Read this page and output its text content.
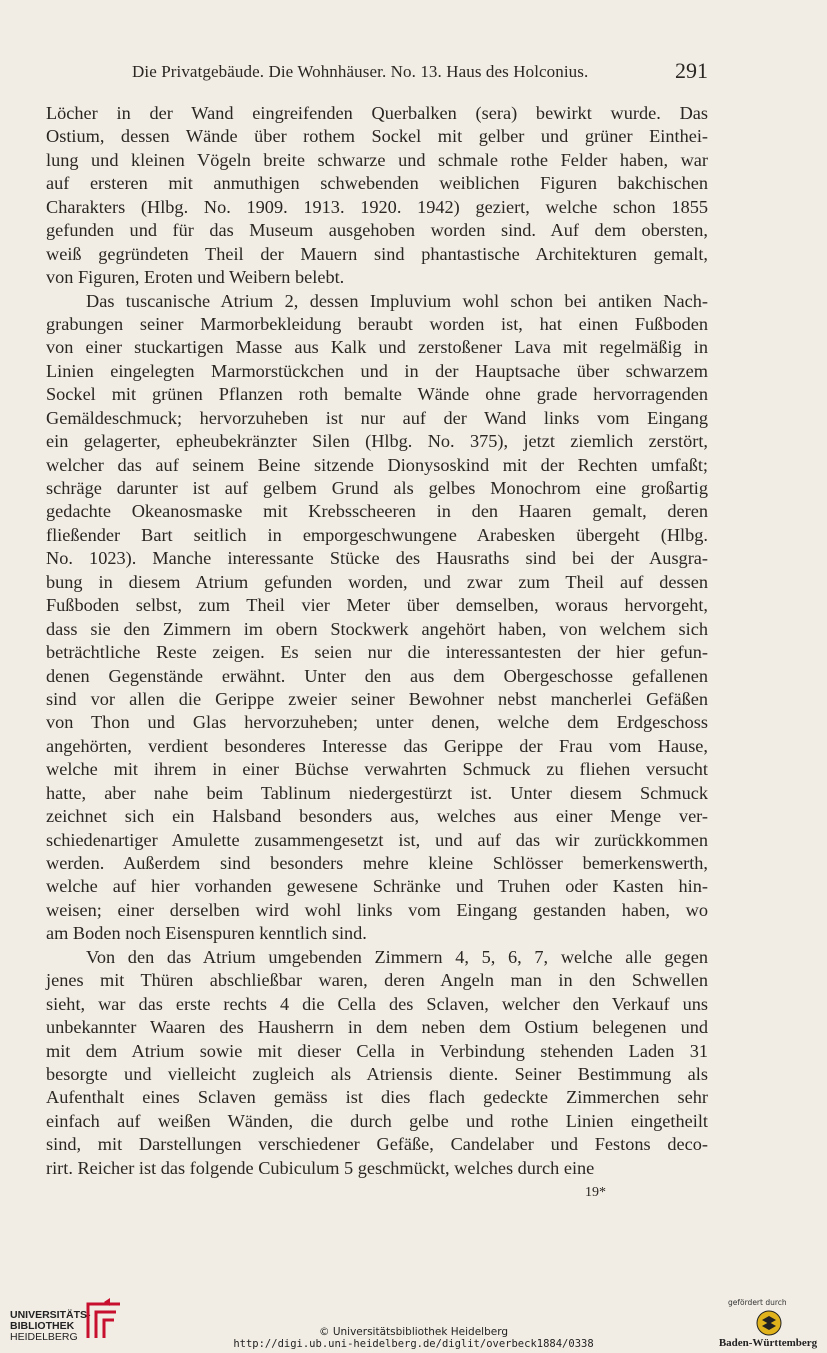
Die Privatgebäude. Die Wohnhäuser. No. 13. Haus des Holconius.	291
Löcher in der Wand eingreifenden Querbalken (sera) bewirkt wurde. Das
Ostium, dessen Wände über rothem Sockel mit gelber und grüner Einthei-
lung und kleinen Vögeln breite schwarze und schmale rothe Felder haben, war
auf ersteren mit anmuthigen schwebenden weiblichen Figuren bakchischen
Charakters (Hlbg. No. 1909. 1913. 1920. 1942) geziert, welche schon 1855
gefunden und für das Museum ausgehoben worden sind. Auf dem obersten,
weiß gegründeten Theil der Mauern sind phantastische Architekturen gemalt,
von Figuren, Eroten und Weibern belebt.
Das tuscanische Atrium 2, dessen Impluvium wohl schon bei antiken Nach-
grabungen seiner Marmorbekleidung beraubt worden ist, hat einen Fußboden
von einer stuckartigen Masse aus Kalk und zerstoßener Lava mit regelmäßig in
Linien eingelegten Marmorstückchen und in der Hauptsache über schwarzem
Sockel mit grünen Pflanzen roth bemalte Wände ohne grade hervorragenden
Gemäldeschmuck; hervorzuheben ist nur auf der Wand links vom Eingang
ein gelagerter, epheubekränzter Silen (Hlbg. No. 375), jetzt ziemlich zerstört,
welcher das auf seinem Beine sitzende Dionysoskind mit der Rechten umfaßt;
schräge darunter ist auf gelbem Grund als gelbes Monochrom eine großartig
gedachte Okeanosmaske mit Krebsscheeren in den Haaren gemalt, deren
fließender Bart seitlich in emporgeschwungene Arabesken übergeht (Hlbg.
No. 1023). Manche interessante Stücke des Hausraths sind bei der Ausgra-
bung in diesem Atrium gefunden worden, und zwar zum Theil auf dessen
Fußboden selbst, zum Theil vier Meter über demselben, woraus hervorgeht,
dass sie den Zimmern im obern Stockwerk angehört haben, von welchem sich
beträchtliche Reste zeigen. Es seien nur die interessantesten der hier gefun-
denen Gegenstände erwähnt. Unter den aus dem Obergeschosse gefallenen
sind vor allen die Gerippe zweier seiner Bewohner nebst mancherlei Gefäßen
von Thon und Glas hervorzuheben; unter denen, welche dem Erdgeschoss
angehörten, verdient besonderes Interesse das Gerippe der Frau vom Hause,
welche mit ihrem in einer Büchse verwahrten Schmuck zu fliehen versucht
hatte, aber nahe beim Tablinum niedergestürzt ist. Unter diesem Schmuck
zeichnet sich ein Halsband besonders aus, welches aus einer Menge ver-
schiedenartiger Amulette zusammengesetzt ist, und auf das wir zurückkommen
werden. Außerdem sind besonders mehre kleine Schlösser bemerkenswerth,
welche auf hier vorhanden gewesene Schränke und Truhen oder Kasten hin-
weisen; einer derselben wird wohl links vom Eingang gestanden haben, wo
am Boden noch Eisenspuren kenntlich sind.
Von den das Atrium umgebenden Zimmern 4, 5, 6, 7, welche alle gegen
jenes mit Thüren abschließbar waren, deren Angeln man in den Schwellen
sieht, war das erste rechts 4 die Cella des Sclaven, welcher den Verkauf uns
unbekannter Waaren des Hausherrn in dem neben dem Ostium belegenen und
mit dem Atrium sowie mit dieser Cella in Verbindung stehenden Laden 31
besorgte und vielleicht zugleich als Atriensis diente. Seiner Bestimmung als
Aufenthalt eines Sclaven gemäss ist dies flach gedeckte Zimmerchen sehr
einfach auf weißen Wänden, die durch gelbe und rothe Linien eingetheilt
sind, mit Darstellungen verschiedener Gefäße, Candelaber und Festons deco-
rirt. Reicher ist das folgende Cubiculum 5 geschmückt, welches durch eine
19*
UNIVERSITÄTS-
BIBLIOTHEK
HEIDELBERG	© Universitätsbibliothek Heidelberg
http://digi.ub.uni-heidelberg.de/diglit/overbeck1884/0338
gefördert durch
Baden-Württemberg
